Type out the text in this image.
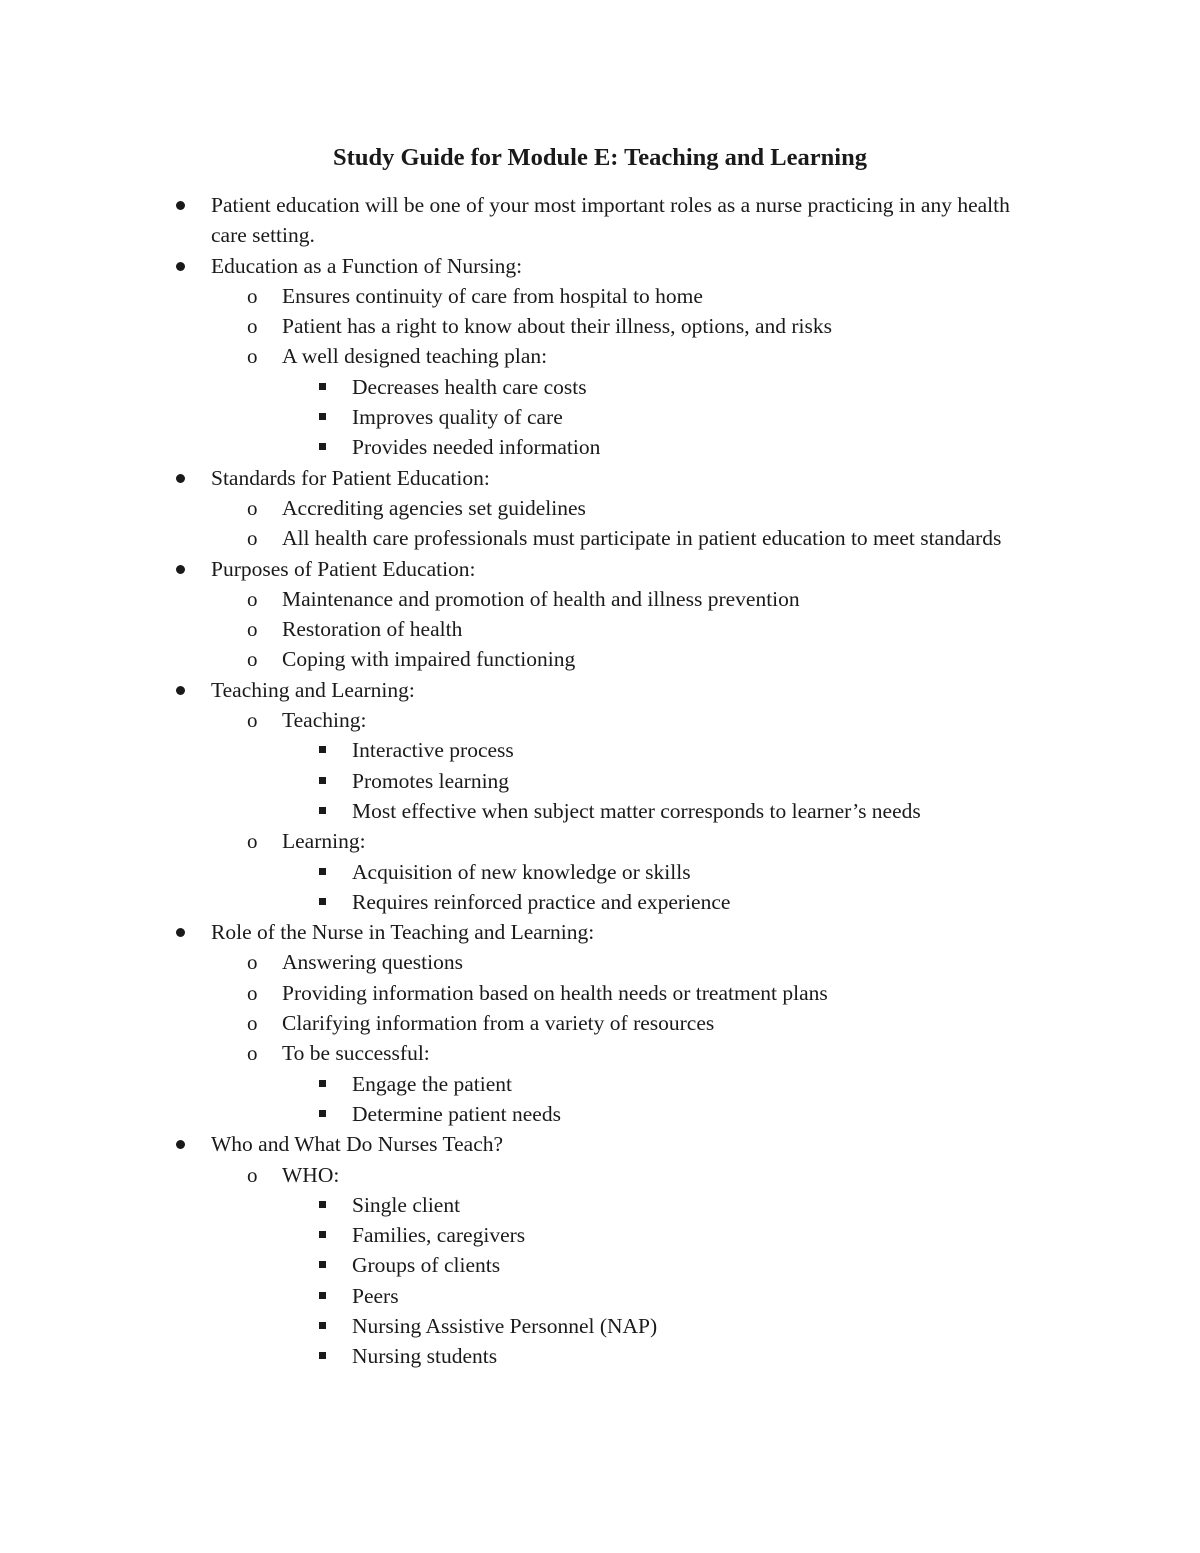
Study Guide for Module E: Teaching and Learning
Patient education will be one of your most important roles as a nurse practicing in any health care setting.
Education as a Function of Nursing:
o Ensures continuity of care from hospital to home
o Patient has a right to know about their illness, options, and risks
o A well designed teaching plan:
Decreases health care costs
Improves quality of care
Provides needed information
Standards for Patient Education:
o Accrediting agencies set guidelines
o All health care professionals must participate in patient education to meet standards
Purposes of Patient Education:
o Maintenance and promotion of health and illness prevention
o Restoration of health
o Coping with impaired functioning
Teaching and Learning:
o Teaching:
Interactive process
Promotes learning
Most effective when subject matter corresponds to learner’s needs
o Learning:
Acquisition of new knowledge or skills
Requires reinforced practice and experience
Role of the Nurse in Teaching and Learning:
o Answering questions
o Providing information based on health needs or treatment plans
o Clarifying information from a variety of resources
o To be successful:
Engage the patient
Determine patient needs
Who and What Do Nurses Teach?
o WHO:
Single client
Families, caregivers
Groups of clients
Peers
Nursing Assistive Personnel (NAP)
Nursing students
